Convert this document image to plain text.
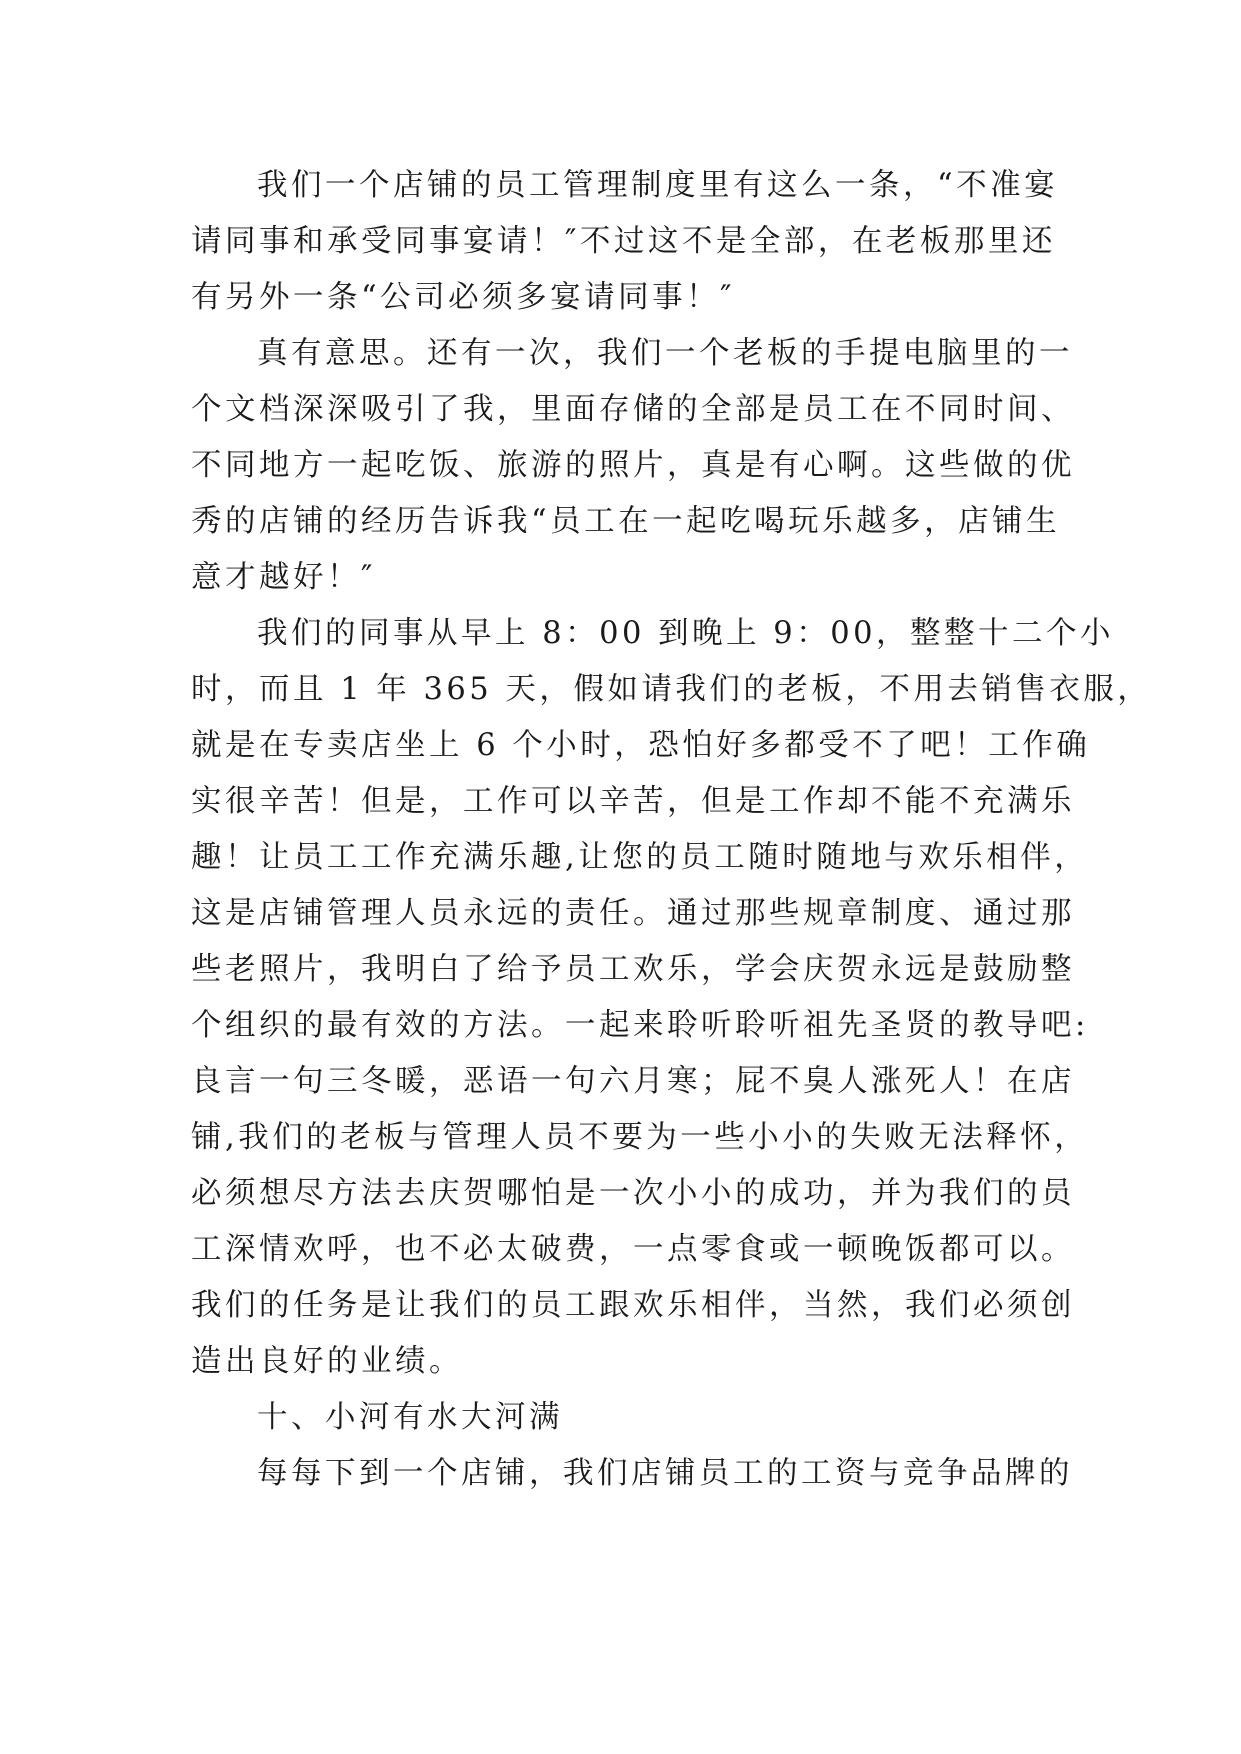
我们一个店铺的员工管理制度里有这么一条，“不准宴
请同事和承受同事宴请！″不过这不是全部，在老板那里还
有另外一条“公司必须多宴请同事！″
真有意思。还有一次，我们一个老板的手提电脑里的一
个文档深深吸引了我，里面存储的全部是员工在不同时间、
不同地方一起吃饭、旅游的照片，真是有心啊。这些做的优
秀的店铺的经历告诉我“员工在一起吃喝玩乐越多，店铺生
意才越好！″
我们的同事从早上 8：00 到晚上 9：00，整整十二个小
时，而且 1 年 365 天，假如请我们的老板，不用去销售衣服，
就是在专卖店坐上 6 个小时，恐怕好多都受不了吧！工作确
实很辛苦！但是，工作可以辛苦，但是工作却不能不充满乐
趣！让员工工作充满乐趣,让您的员工随时随地与欢乐相伴，
这是店铺管理人员永远的责任。通过那些规章制度、通过那
些老照片，我明白了给予员工欢乐，学会庆贺永远是鼓励整
个组织的最有效的方法。一起来聆听聆听祖先圣贤的教导吧:
良言一句三冬暖，恶语一句六月寒；屁不臭人涨死人！在店
铺,我们的老板与管理人员不要为一些小小的失败无法释怀，
必须想尽方法去庆贺哪怕是一次小小的成功，并为我们的员
工深情欢呼，也不必太破费，一点零食或一顿晚饭都可以。
我们的任务是让我们的员工跟欢乐相伴，当然，我们必须创
造出良好的业绩。
十、小河有水大河满
每每下到一个店铺，我们店铺员工的工资与竞争品牌的
